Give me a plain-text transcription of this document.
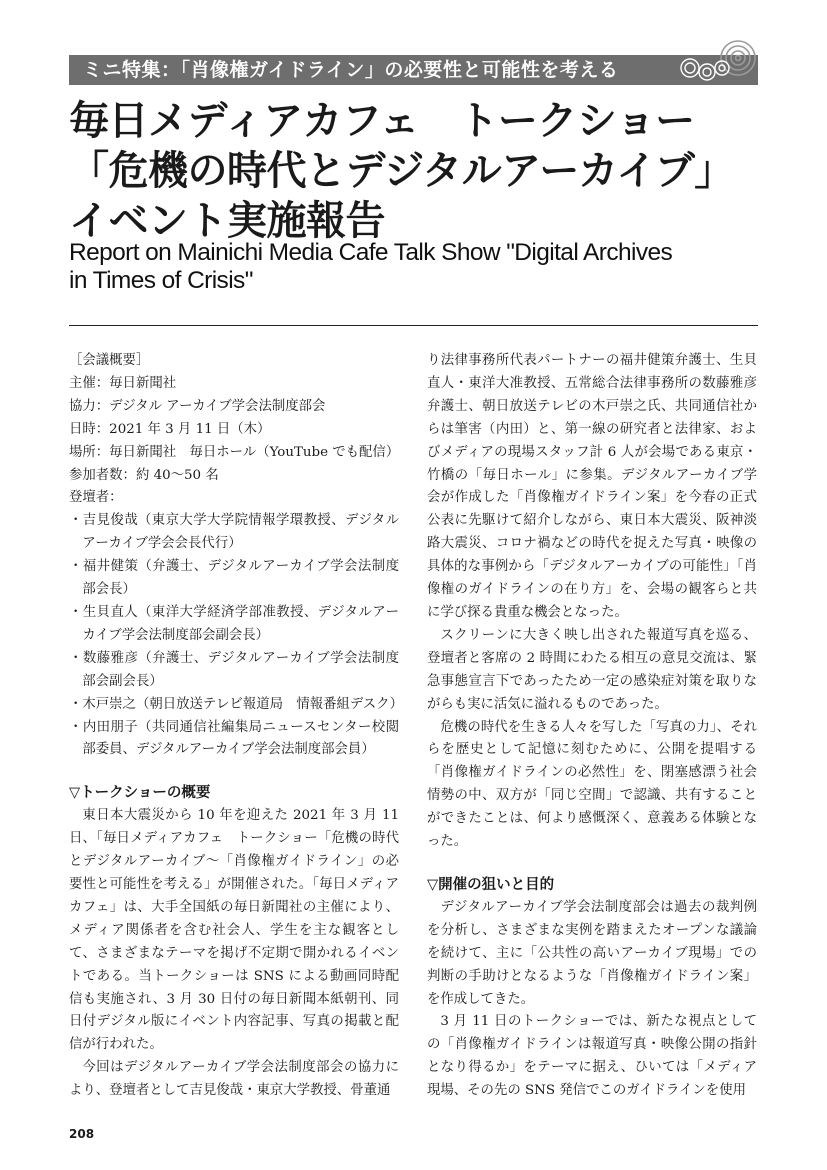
ミニ特集：「肖像権ガイドライン」の必要性と可能性を考える
毎日メディアカフェ　トークショー
「危機の時代とデジタルアーカイブ」
イベント実施報告
Report on Mainichi Media Cafe Talk Show "Digital Archives
in Times of Crisis"
［会議概要］
主催：毎日新聞社
協力：デジタル アーカイブ学会法制度部会
日時：2021 年 3 月 11 日（木）
場所：毎日新聞社　毎日ホール（YouTube でも配信）
参加者数：約 40〜50 名
登壇者：

・吉見俊哉（東京大学大学院情報学環教授、デジタルアーカイブ学会会長代行）

・福井健策（弁護士、デジタルアーカイブ学会法制度部会長）

・生貝直人（東洋大学経済学部准教授、デジタルアーカイブ学会法制度部会副会長）

・数藤雅彦（弁護士、デジタルアーカイブ学会法制度部会副会長）

・木戸崇之（朝日放送テレビ報道局　情報番組デスク）

・内田朋子（共同通信社編集局ニュースセンター校閲部委員、デジタルアーカイブ学会法制度部会員）

▽トークショーの概要

東日本大震災から 10 年を迎えた 2021 年 3 月 11 日、「毎日メディアカフェ　トークショー「危機の時代とデジタルアーカイブ〜「肖像権ガイドライン」の必要性と可能性を考える」が開催された。「毎日メディアカフェ」は、大手全国紙の毎日新聞社の主催により、メディア関係者を含む社会人、学生を主な観客として、さまざまなテーマを掲げ不定期で開かれるイベントである。当トークショーは SNS による動画同時配信も実施され、3 月 30 日付の毎日新聞本紙朝刊、同日付デジタル版にイベント内容記事、写真の掲載と配信が行われた。

今回はデジタルアーカイブ学会法制度部会の協力により、登壇者として吉見俊哉・東京大学教授、骨董通

り法律事務所代表パートナーの福井健策弁護士、生貝直人・東洋大准教授、五常総合法律事務所の数藤雅彦弁護士、朝日放送テレビの木戸崇之氏、共同通信社からは筆害（内田）と、第一線の研究者と法律家、およびメディアの現場スタッフ計 6 人が会場である東京・竹橋の「毎日ホール」に参集。デジタルアーカイブ学会が作成した「肖像権ガイドライン案」を今春の正式公表に先駆けて紹介しながら、東日本大震災、阪神淡路大震災、コロナ禍などの時代を捉えた写真・映像の具体的な事例から「デジタルアーカイブの可能性」「肖像権のガイドラインの在り方」を、会場の観客らと共に学び探る貴重な機会となった。

スクリーンに大きく映し出された報道写真を巡る、登壇者と客席の 2 時間にわたる相互の意見交流は、緊急事態宣言下であったため一定の感染症対策を取りながらも実に活気に溢れるものであった。

危機の時代を生きる人々を写した「写真の力」、それらを歴史として記憶に刻むために、公開を提唱する「肖像権ガイドラインの必然性」を、閉塞感漂う社会情勢の中、双方が「同じ空間」で認識、共有することができたことは、何より感慨深く、意義ある体験となった。

▽開催の狙いと目的

デジタルアーカイブ学会法制度部会は過去の裁判例を分析し、さまざまな実例を踏まえたオープンな議論を続けて、主に「公共性の高いアーカイブ現場」での判断の手助けとなるような「肖像権ガイドライン案」を作成してきた。

3 月 11 日のトークショーでは、新たな視点としての「肖像権ガイドラインは報道写真・映像公開の指針となり得るか」をテーマに据え、ひいては「メディア現場、その先の SNS 発信でこのガイドラインを使用

208
